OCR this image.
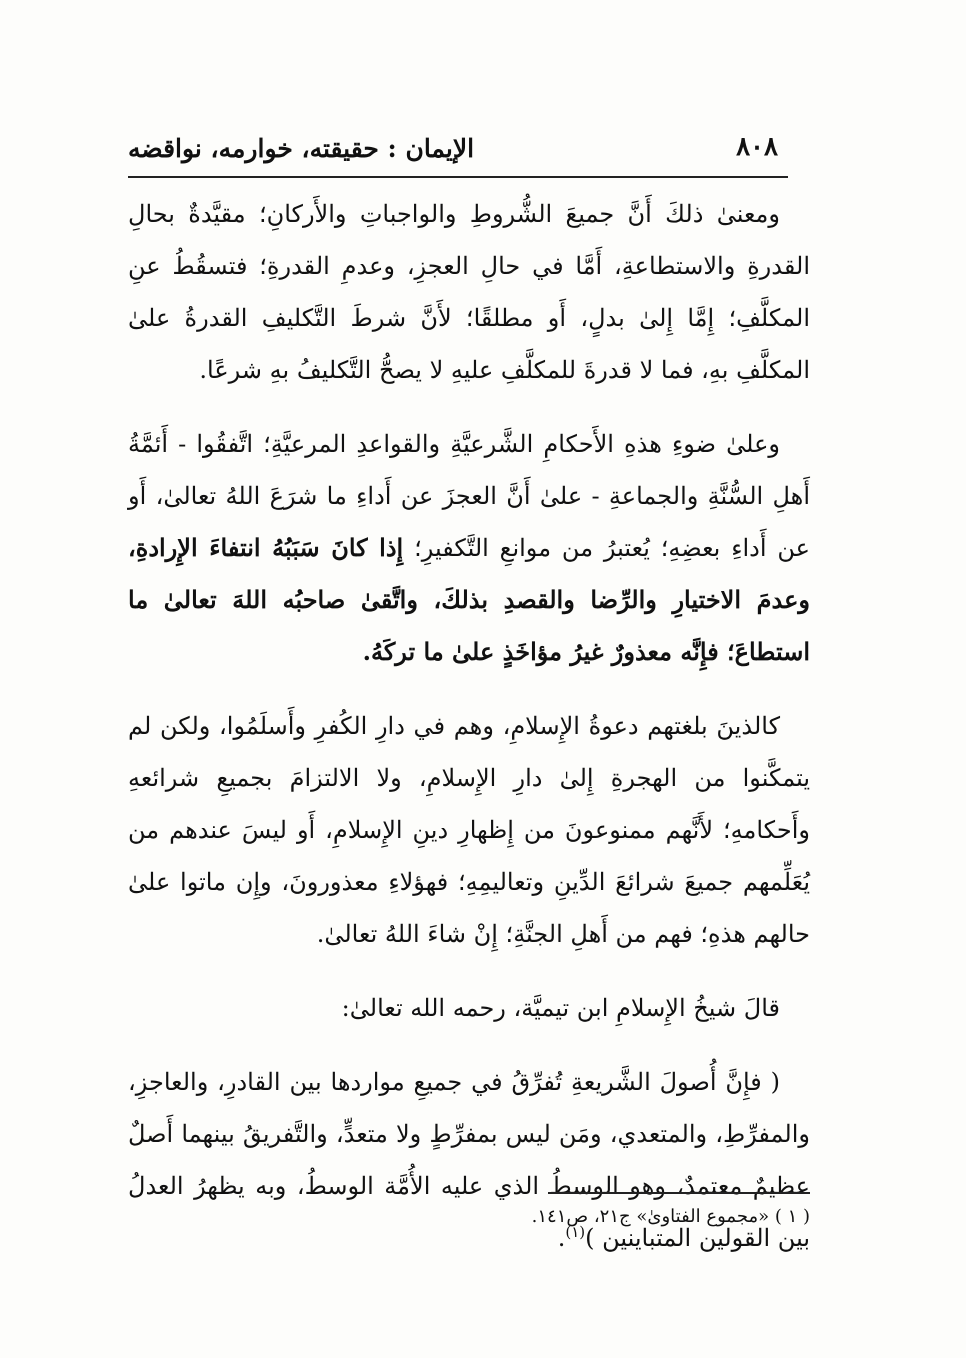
٨٠٨
الإيمان : حقيقته، خوارمه، نواقضه

ومعنىٰ ذلكَ أَنَّ جميعَ الشُّروطِ والواجباتِ والأَركانِ؛ مقيَّدةٌ بحالِ القدرةِ والاستطاعةِ، أَمَّا في حالِ العجزِ، وعدمِ القدرةِ؛ فتسقُطُ عنِ المكلَّفِ؛ إِمَّا إِلىٰ بدلٍ، أَو مطلقًا؛ لأَنَّ شرطَ التَّكليفِ القدرةُ علىٰ المكلَّفِ بهِ، فما لا قدرةَ للمكلَّفِ عليهِ لا يصحُّ التَّكليفُ بهِ شرعًا.

وعلىٰ ضوءِ هذهِ الأَحكامِ الشَّرعيَّةِ والقواعدِ المرعيَّةِ؛ اتَّفقُوا - أَئمَّةُ أَهلِ السُّنَّةِ والجماعةِ - علىٰ أَنَّ العجزَ عن أَداءِ ما شرَعَ اللهُ تعالىٰ، أَو عن أَداءِ بعضِهِ؛ يُعتبرُ من موانعِ التَّكفيرِ؛ إِذا كانَ سَبَبُهُ انتفاءَ الإِرادةِ، وعدمَ الاختيارِ والرِّضا والقصدِ بذلكَ، واتَّقىٰ صاحبُه اللهَ تعالىٰ ما استطاعَ؛ فإِنَّه معذورٌ غيرُ مؤاخَذٍ علىٰ ما تركَهُ.

كالذينَ بلغتهم دعوةُ الإِسلامِ، وهم في دارِ الكُفرِ وأَسلَمُوا، ولكن لم يتمكَّنوا من الهجرةِ إِلىٰ دارِ الإِسلامِ، ولا الالتزامَ بجميعِ شرائعهِ وأَحكامهِ؛ لأَنَّهم ممنوعونَ من إِظهارِ دينِ الإِسلامِ، أَو ليسَ عندهم من يُعَلِّمهم جميعَ شرائعَ الدِّينِ وتعاليمِهِ؛ فهؤلاءِ معذورونَ، وإِن ماتوا علىٰ حالهم هذهِ؛ فهم من أَهلِ الجنَّةِ؛ إِنْ شاءَ اللهُ تعالىٰ.

قالَ شيخُ الإِسلامِ ابن تيميَّة، رحمه الله تعالىٰ:

( فإِنَّ أُصولَ الشَّريعةِ تُفرِّقُ في جميعِ مواردها بين القادرِ، والعاجزِ، والمفرِّطِ، والمتعدي، ومَن ليس بمفرِّطٍ ولا متعدٍّ، والتَّفريقُ بينهما أَصلٌ عظيمٌ معتمدٌ، وهو الوسطُ الذي عليه الأُمَّة الوسطُ، وبه يظهرُ العدلُ بين القولين المتباينين )$^{(١)}$.

( ١ ) «مجموع الفتاوىٰ» ج٢١، ص١٤١.
